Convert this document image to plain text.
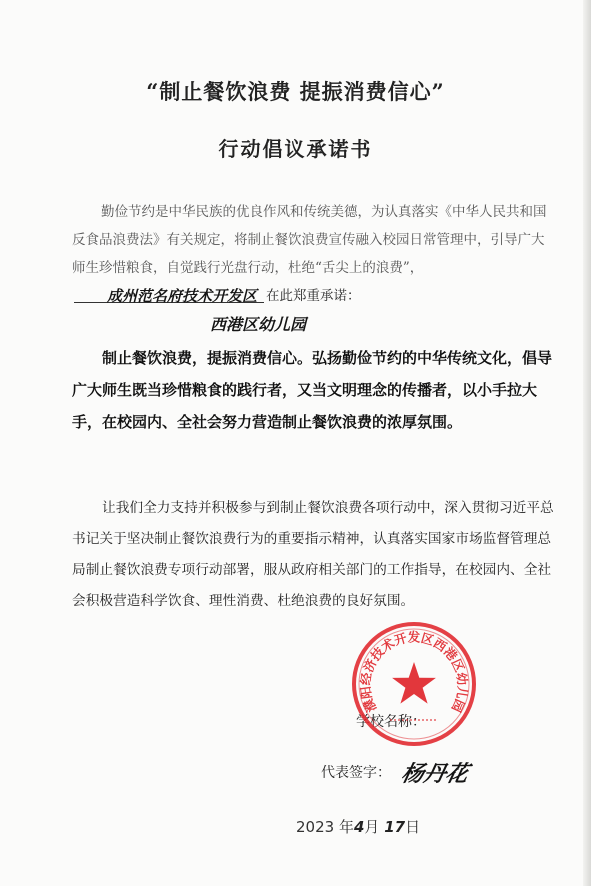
“制止餐饮浪费 提振消费信心”
行动倡议承诺书

勤俭节约是中华民族的优良作风和传统美德，为认真落实《中华人民共和国反食品浪费法》有关规定，将制止餐饮浪费宣传融入校园日常管理中，引导广大师生珍惜粮食，自觉践行光盘行动，杜绝“舌尖上的浪费”，
成州范名府技术开发区 在此郑重承诺：

西港区幼儿园

制止餐饮浪费，提振消费信心。弘扬勤俭节约的中华传统文化，倡导广大师生既当珍惜粮食的践行者，又当文明理念的传播者，以小手拉大手，在校园内、全社会努力营造制止餐饮浪费的浓厚氛围。

让我们全力支持并积极参与到制止餐饮浪费各项行动中，深入贯彻习近平总书记关于坚决制止餐饮浪费行为的重要指示精神，认真落实国家市场监督管理总局制止餐饮浪费专项行动部署，服从政府相关部门的工作指导，在校园内、全社会积极营造科学饮食、理性消费、杜绝浪费的良好氛围。

学校名称：
代表签字： 杨丹花
2023 年4月 17日
濮阳经济技术开发区西港区幼儿园
